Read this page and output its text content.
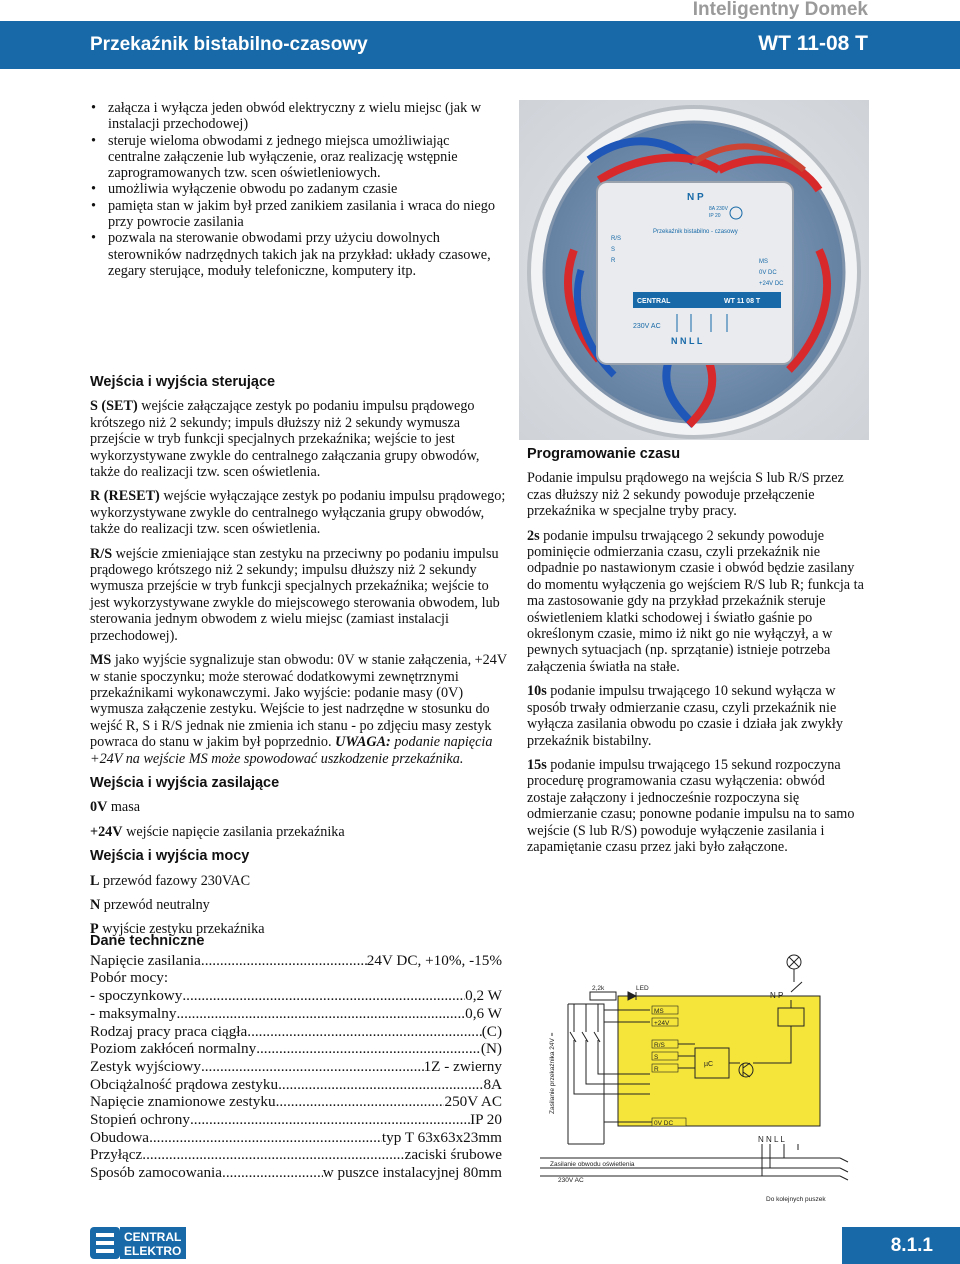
Inteligentny Domek
Przekaźnik bistabilno-czasowy	WT 11-08 T
• załącza i wyłącza jeden obwód elektryczny z wielu miejsc (jak w instalacji przechodowej)
• steruje wieloma obwodami z jednego miejsca umożliwiając centralne załączenie lub wyłączenie, oraz realizację wstępnie zaprogramowanych tzw. scen oświetleniowych.
• umożliwia wyłączenie obwodu po zadanym czasie
• pamięta stan w jakim był przed zanikiem zasilania i wraca do niego przy powrocie zasilania
• pozwala na sterowanie obwodami przy użyciu dowolnych sterowników nadrzędnych takich jak na przykład: układy czasowe, zegary sterujące, moduły telefoniczne, komputery itp.
N P
8A 230V
IP 20
Przekaźnik bistabilno - czasowy
R/S
S
R	MS
0V DC
+24V DC
CENTRAL	WT 11 08 T
230V AC
N N L L
Wejścia i wyjścia sterujące

S (SET) wejście załączające zestyk po podaniu impulsu prądowego krótszego niż 2 sekundy; impuls dłuższy niż 2 sekundy wymusza przejście w tryb funkcji specjalnych przekaźnika; wejście to jest wykorzystywane zwykle do centralnego załączania grupy obwodów, także do realizacji tzw. scen oświetlenia.

R (RESET) wejście wyłączające zestyk po podaniu impulsu prądowego; wykorzystywane zwykle do centralnego wyłączania grupy obwodów, także do realizacji tzw. scen oświetlenia.

R/S wejście zmieniające stan zestyku na przeciwny po podaniu impulsu prądowego krótszego niż 2 sekundy; impulsu dłuższy niż 2 sekundy wymusza przejście w tryb funkcji specjalnych przekaźnika; wejście to jest wykorzystywane zwykle do miejscowego sterowania obwodem, lub sterowania jednym obwodem z wielu miejsc (zamiast instalacji przechodowej).

MS jako wyjście sygnalizuje stan obwodu: 0V w stanie załączenia, +24V w stanie spoczynku; może sterować dodatkowymi zewnętrznymi przekaźnikami wykonawczymi. Jako wyjście: podanie masy (0V) wymusza załączenie zestyku. Wejście to jest nadrzędne w stosunku do wejść R, S i R/S jednak nie zmienia ich stanu - po zdjęciu masy zestyk powraca do stanu w jakim był poprzednio. UWAGA: podanie napięcia +24V na wejście MS może spowodować uszkodzenie przekaźnika.

Wejścia i wyjścia zasilające

0V masa

+24V wejście napięcie zasilania przekaźnika

Wejścia i wyjścia mocy

L przewód fazowy 230VAC

N przewód neutralny

P wyjście zestyku przekaźnika

Programowanie czasu

Podanie impulsu prądowego na wejścia S lub R/S przez czas dłuższy niż 2 sekundy powoduje przełączenie przekaźnika w specjalne tryby pracy.

2s podanie impulsu trwającego 2 sekundy powoduje pominięcie odmierzania czasu, czyli przekaźnik nie odpadnie po nastawionym czasie i obwód będzie zasilany do momentu wyłączenia go wejściem R/S lub R; funkcja ta ma zastosowanie gdy na przykład przekaźnik steruje oświetleniem klatki schodowej i światło gaśnie po określonym czasie, mimo iż nikt go nie wyłączył, a w pewnych sytuacjach (np. sprzątanie) istnieje potrzeba załączenia światła na stałe.

10s podanie impulsu trwającego 10 sekund wyłącza w sposób trwały odmierzanie czasu, czyli przekaźnik nie wyłącza zasilania obwodu po czasie i działa jak zwykły przekaźnik bistabilny.

15s podanie impulsu trwającego 15 sekund rozpoczyna procedurę programowania czasu wyłączenia: obwód zostaje załączony i jednocześnie rozpoczyna się odmierzanie czasu; ponowne podanie impulsu na to samo wejście (S lub R/S) powoduje wyłączenie zasilania i zapamiętanie czasu przez jaki było załączone.

Dane techniczne
Napięcie zasilania .....	24V DC, +10%, -15%
Pobór mocy:
- spoczynkowy .....	0,2 W
- maksymalny .....	0,6 W
Rodzaj pracy praca ciągła .....	(C)
Poziom zakłóceń normalny .....	(N)
Zestyk wyjściowy .....	1Z - zwierny
Obciążalność prądowa zestyku .....	8A
Napięcie znamionowe zestyku .....	250V AC
Stopień ochrony .....	IP 20
Obudowa .....	typ T 63x63x23mm
Przyłącz .....	zaciski śrubowe
Sposób zamocowania .....	w puszce instalacyjnej 80mm
Zasilanie przekaźnika 24V =
2,2k	LED
MS
+24V
R/S
S
R
µC
0V DC
N P
N N L L
Zasilanie obwodu oświetlenia
230V AC
Do kolejnych puszek
CENTRAL
ELEKTRO	8.1.1
